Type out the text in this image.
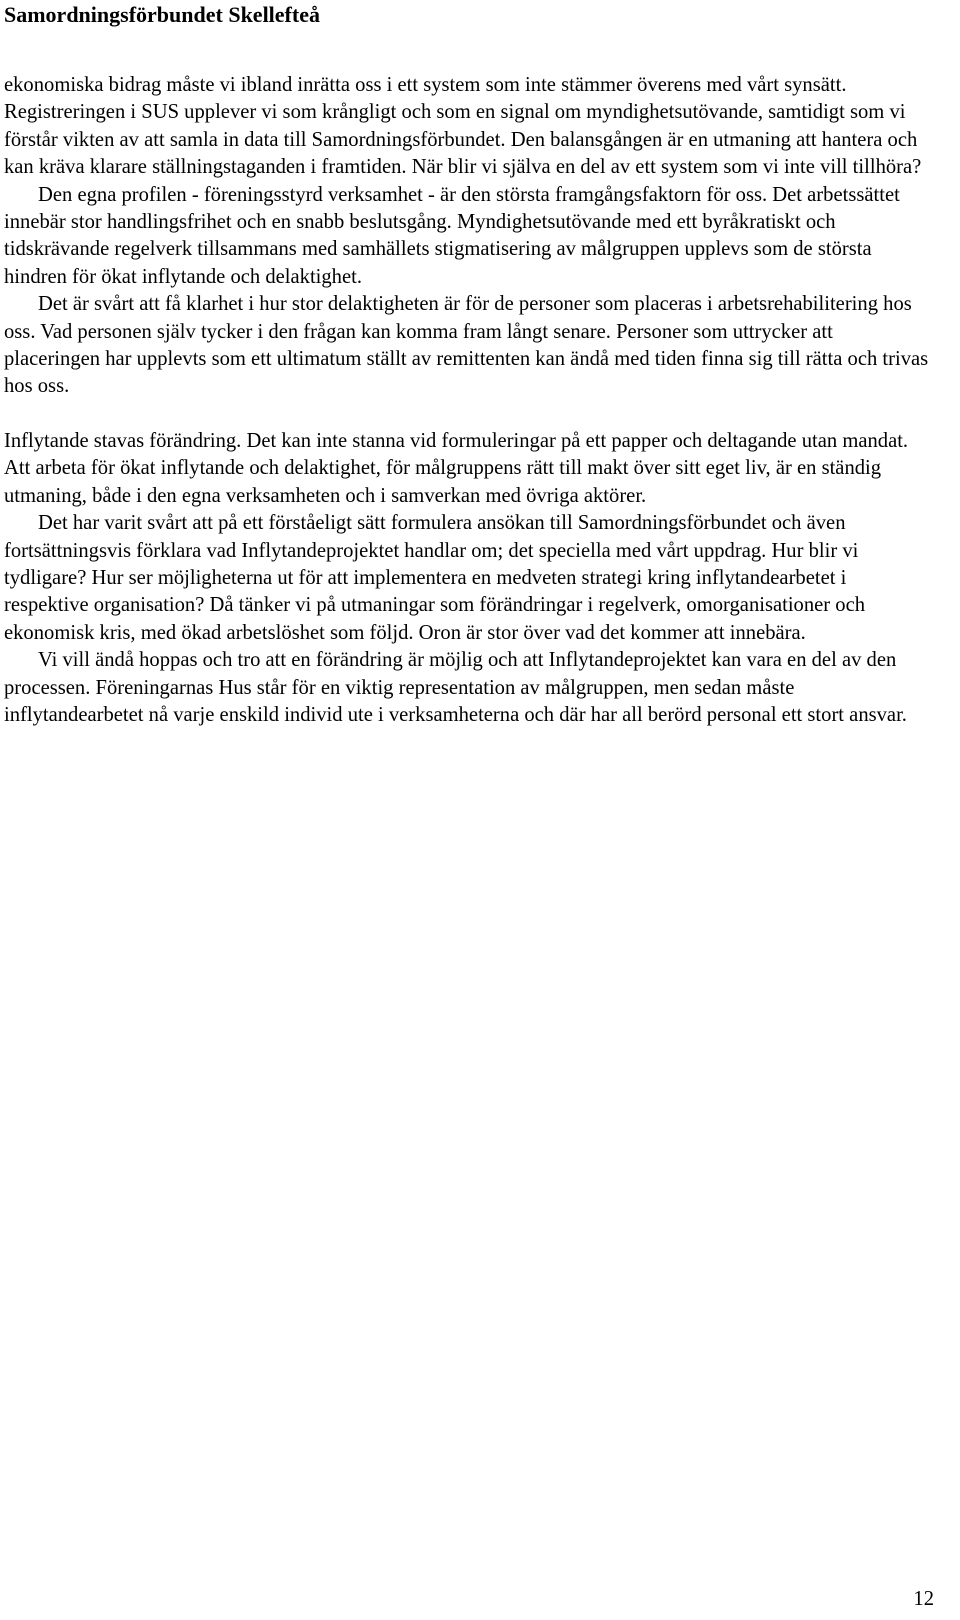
Samordningsförbundet Skellefteå

ekonomiska bidrag måste vi ibland inrätta oss i ett system som inte stämmer överens med vårt synsätt. Registreringen i SUS upplever vi som krångligt och som en signal om myndighetsutövande, samtidigt som vi förstår vikten av att samla in data till Samordningsförbundet. Den balansgången är en utmaning att hantera och kan kräva klarare ställningstaganden i framtiden. När blir vi själva en del av ett system som vi inte vill tillhöra?

Den egna profilen - föreningsstyrd verksamhet - är den största framgångsfaktorn för oss. Det arbetssättet innebär stor handlingsfrihet och en snabb beslutsgång. Myndighetsutövande med ett byråkratiskt och tidskrävande regelverk tillsammans med samhällets stigmatisering av målgruppen upplevs som de största hindren för ökat inflytande och delaktighet.

Det är svårt att få klarhet i hur stor delaktigheten är för de personer som placeras i arbetsrehabilitering hos oss. Vad personen själv tycker i den frågan kan komma fram långt senare. Personer som uttrycker att placeringen har upplevts som ett ultimatum ställt av remittenten kan ändå med tiden finna sig till rätta och trivas hos oss.

Inflytande stavas förändring. Det kan inte stanna vid formuleringar på ett papper och deltagande utan mandat. Att arbeta för ökat inflytande och delaktighet, för målgruppens rätt till makt över sitt eget liv, är en ständig utmaning, både i den egna verksamheten och i samverkan med övriga aktörer.

Det har varit svårt att på ett förståeligt sätt formulera ansökan till Samordningsförbundet och även fortsättningsvis förklara vad Inflytandeprojektet handlar om; det speciella med vårt uppdrag. Hur blir vi tydligare? Hur ser möjligheterna ut för att implementera en medveten strategi kring inflytandearbetet i respektive organisation? Då tänker vi på utmaningar som förändringar i regelverk, omorganisationer och ekonomisk kris, med ökad arbetslöshet som följd. Oron är stor över vad det kommer att innebära.

Vi vill ändå hoppas och tro att en förändring är möjlig och att Inflytandeprojektet kan vara en del av den processen. Föreningarnas Hus står för en viktig representation av målgruppen, men sedan måste inflytandearbetet nå varje enskild individ ute i verksamheterna och där har all berörd personal ett stort ansvar.

12
